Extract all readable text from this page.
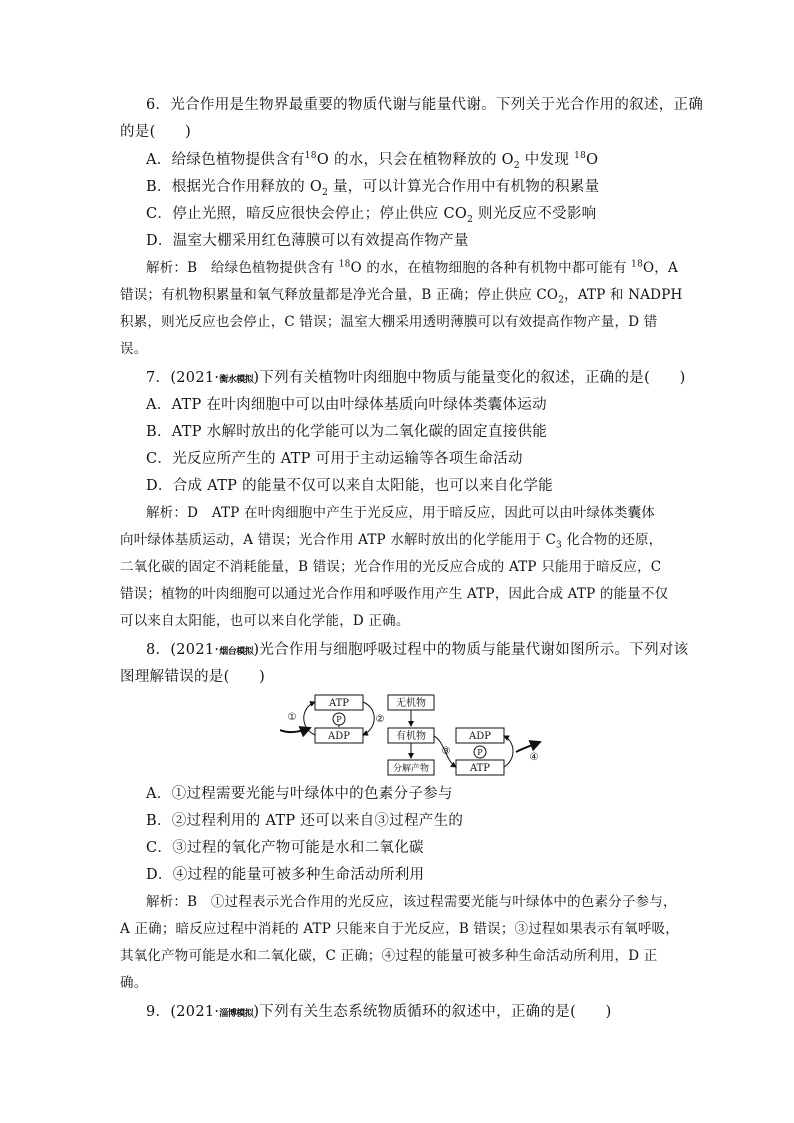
6．光合作用是生物界最重要的物质代谢与能量代谢。下列关于光合作用的叙述，正确
的是(　　)
A．给绿色植物提供含有$^{18}$O 的水，只会在植物释放的 $O_2$ 中发现 $^{18}$O
B．根据光合作用释放的 $O_2$ 量，可以计算光合作用中有机物的积累量
C．停止光照，暗反应很快会停止；停止供应 $CO_2$ 则光反应不受影响
D．温室大棚采用红色薄膜可以有效提高作物产量
解析：B　给绿色植物提供含有 $^{18}$O 的水，在植物细胞的各种有机物中都可能有 $^{18}$O，A
错误；有机物积累量和氧气释放量都是净光合量，B 正确；停止供应 $CO_2$，ATP 和 NADPH
积累，则光反应也会停止，C 错误；温室大棚采用透明薄膜可以有效提高作物产量，D 错
误。
7．(2021·衡水模拟)下列有关植物叶肉细胞中物质与能量变化的叙述，正确的是(　　)
A．ATP 在叶肉细胞中可以由叶绿体基质向叶绿体类囊体运动
B．ATP 水解时放出的化学能可以为二氧化碳的固定直接供能
C．光反应所产生的 ATP 可用于主动运输等各项生命活动
D．合成 ATP 的能量不仅可以来自太阳能，也可以来自化学能
解析：D　ATP 在叶肉细胞中产生于光反应，用于暗反应，因此可以由叶绿体类囊体
向叶绿体基质运动，A 错误；光合作用 ATP 水解时放出的化学能用于 $C_3$ 化合物的还原，
二氧化碳的固定不消耗能量，B 错误；光合作用的光反应合成的 ATP 只能用于暗反应，C
错误；植物的叶肉细胞可以通过光合作用和呼吸作用产生 ATP，因此合成 ATP 的能量不仅
可以来自太阳能，也可以来自化学能，D 正确。
8．(2021·烟台模拟)光合作用与细胞呼吸过程中的物质与能量代谢如图所示。下列对该
图理解错误的是(　　)
ATP
ADP
P
①	②
③
④
无机物
有机物
分解产物
ADP
P
ATP
A．①过程需要光能与叶绿体中的色素分子参与
B．②过程利用的 ATP 还可以来自③过程产生的
C．③过程的氧化产物可能是水和二氧化碳
D．④过程的能量可被多种生命活动所利用
解析：B　①过程表示光合作用的光反应，该过程需要光能与叶绿体中的色素分子参与，
A 正确；暗反应过程中消耗的 ATP 只能来自于光反应，B 错误；③过程如果表示有氧呼吸，
其氧化产物可能是水和二氧化碳，C 正确；④过程的能量可被多种生命活动所利用，D 正
确。
9．(2021·淄博模拟)下列有关生态系统物质循环的叙述中，正确的是(　　)
